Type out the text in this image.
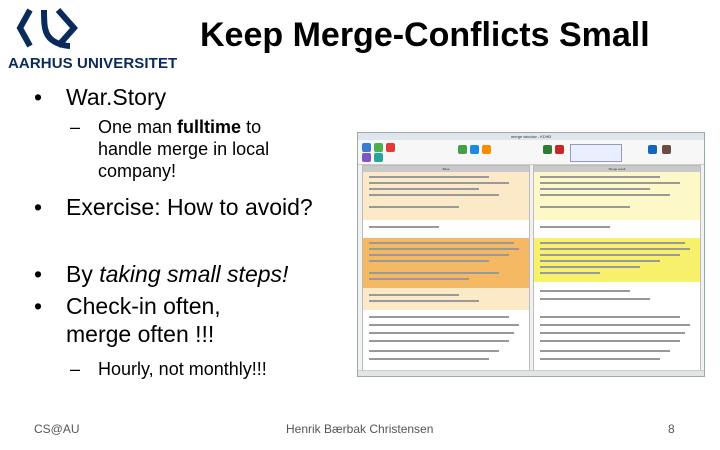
AARHUS UNIVERSITET
Keep Merge-Conflicts Small
• War.Story
– One man fulltime to
handle merge in local
company!
• Exercise: How to avoid?
• By taking small steps!
• Check-in often,
merge often !!!
– Hourly, not monthly!!!
merge window - KDiff3
Base	Merge result
CS@AU	Henrik Bærbak Christensen	8
